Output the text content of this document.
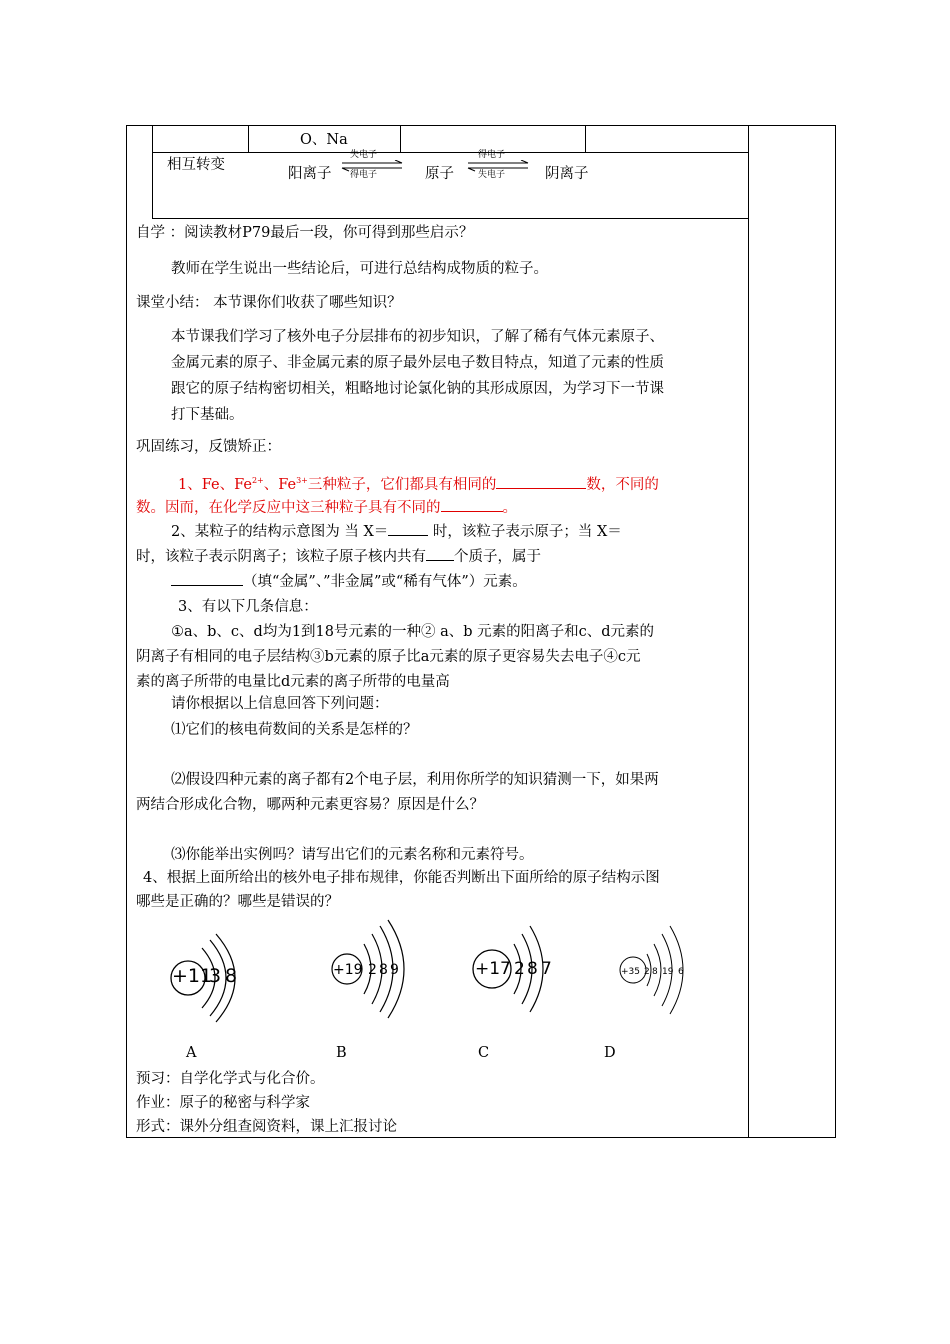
O、Na
相互转变
阳离子	原子	阴离子
失电子
得电子
得电子
失电子
自学 ：阅读教材P79最后一段，你可得到那些启示？
教师在学生说出一些结论后，可进行总结构成物质的粒子。
课堂小结： 本节课你们收获了哪些知识？
本节课我们学习了核外电子分层排布的初步知识，了解了稀有气体元素原子、
金属元素的原子、非金属元素的原子最外层电子数目特点，知道了元素的性质
跟它的原子结构密切相关，粗略地讨论氯化钠的其形成原因，为学习下一节课
打下基础。
巩固练习，反馈矫正：
1、Fe、$Fe^{2+}$、$Fe^{3+}$三种粒子，它们都具有相同的	数，不同的
数。因而，在化学反应中这三种粒子具有不同的	。
2、某粒子的结构示意图为 当 X＝	时，该粒子表示原子；当 X＝
时，该粒子表示阴离子；该粒子原子核内共有 个质子，属于
（填“金属”、”非金属”或“稀有气体”）元素。
3、有以下几条信息：
①a、b、c、d均为1到18号元素的一种② a、b 元素的阳离子和c、d元素的
阴离子有相同的电子层结构③b元素的原子比a元素的原子更容易失去电子④c元
素的离子所带的电量比d元素的离子所带的电量高
请你根据以上信息回答下列问题：
⑴它们的核电荷数间的关系是怎样的？
⑵假设四种元素的离子都有2个电子层，利用你所学的知识猜测一下，如果两
两结合形成化合物，哪两种元素更容易？原因是什么？
⑶你能举出实例吗？请写出它们的元素名称和元素符号。
4、根据上面所给出的核外电子排布规律，你能否判断出下面所给的原子结构示图
哪些是正确的？哪些是错误的？
+11
3 8	+19 2 8 9	+17 2 8 7	+35 2 8 19 6
A	B	C	D
预习：自学化学式与化合价。
作业：原子的秘密与科学家
形式：课外分组查阅资料，课上汇报讨论
